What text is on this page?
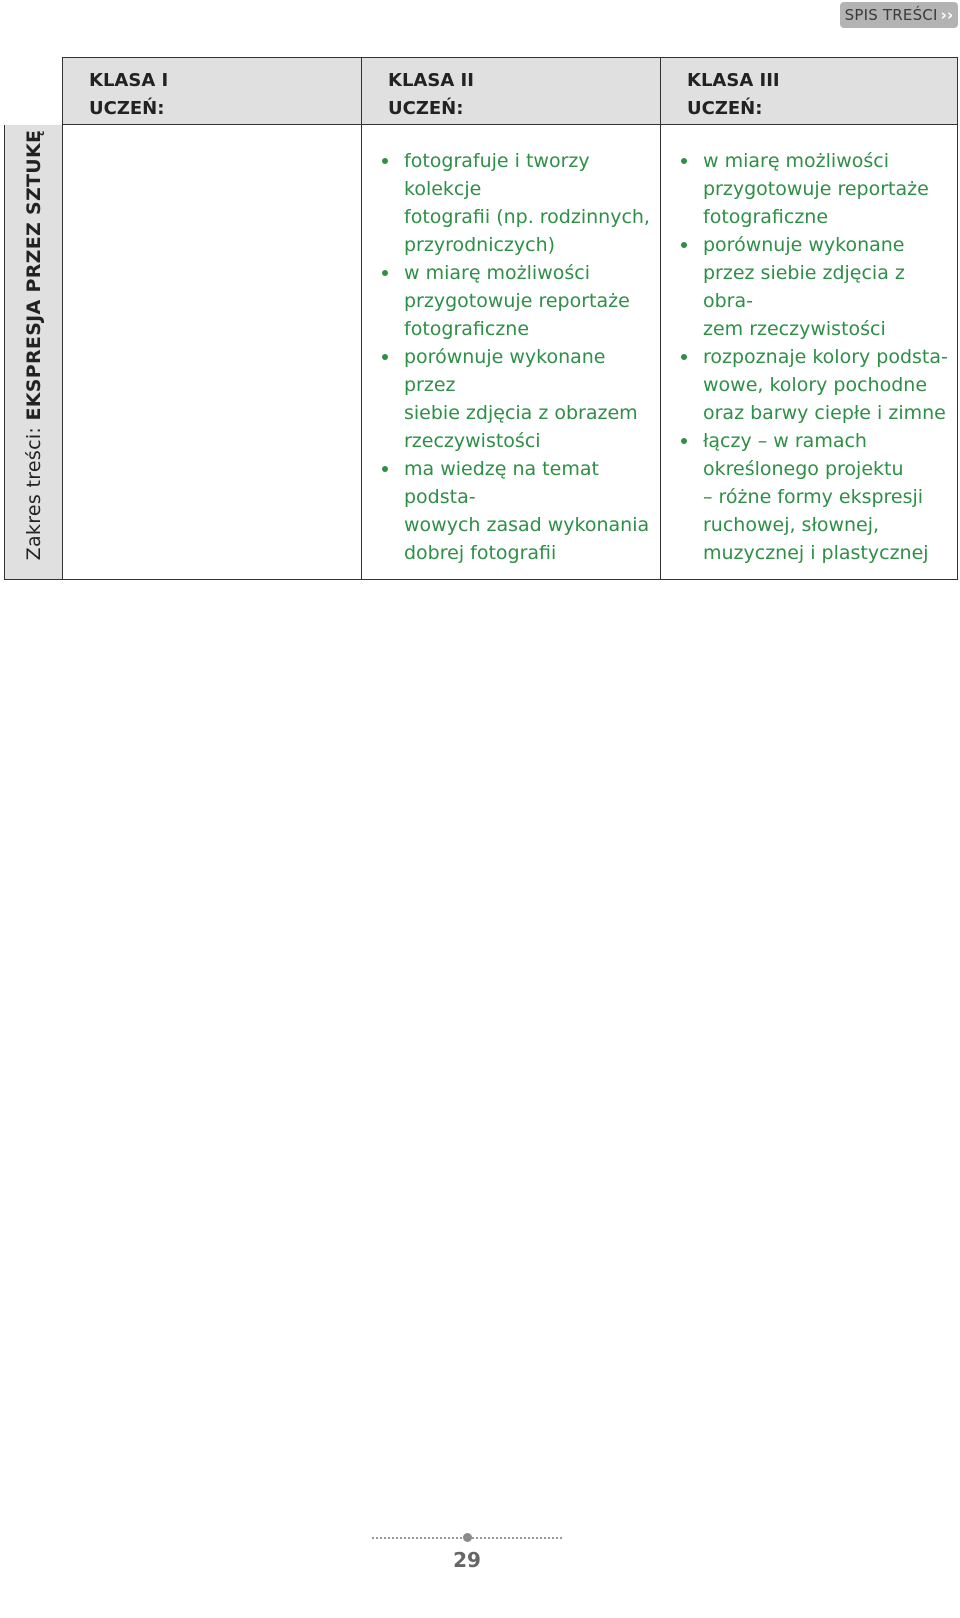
SPIS TREŚCI ››
KLASA I
UCZEŃ:
KLASA II
UCZEŃ:
KLASA III
UCZEŃ:
Zakres treści: EKSPRESJA PRZEZ SZTUKĘ	fotografuje i tworzy kolekcje
fotografii (np. rodzinnych,
przyrodniczych)
w miarę możliwości
przygotowuje reportaże
fotograficzne
porównuje wykonane przez
siebie zdjęcia z obrazem
rzeczywistości
ma wiedzę na temat podsta-
wowych zasad wykonania
dobrej fotografii
w miarę możliwości
przygotowuje reportaże
fotograficzne
porównuje wykonane
przez siebie zdjęcia z obra-
zem rzeczywistości
rozpoznaje kolory podsta-
wowe, kolory pochodne
oraz barwy ciepłe i zimne
łączy – w ramach
określonego projektu
– różne formy ekspresji
ruchowej, słownej,
muzycznej i plastycznej
29
